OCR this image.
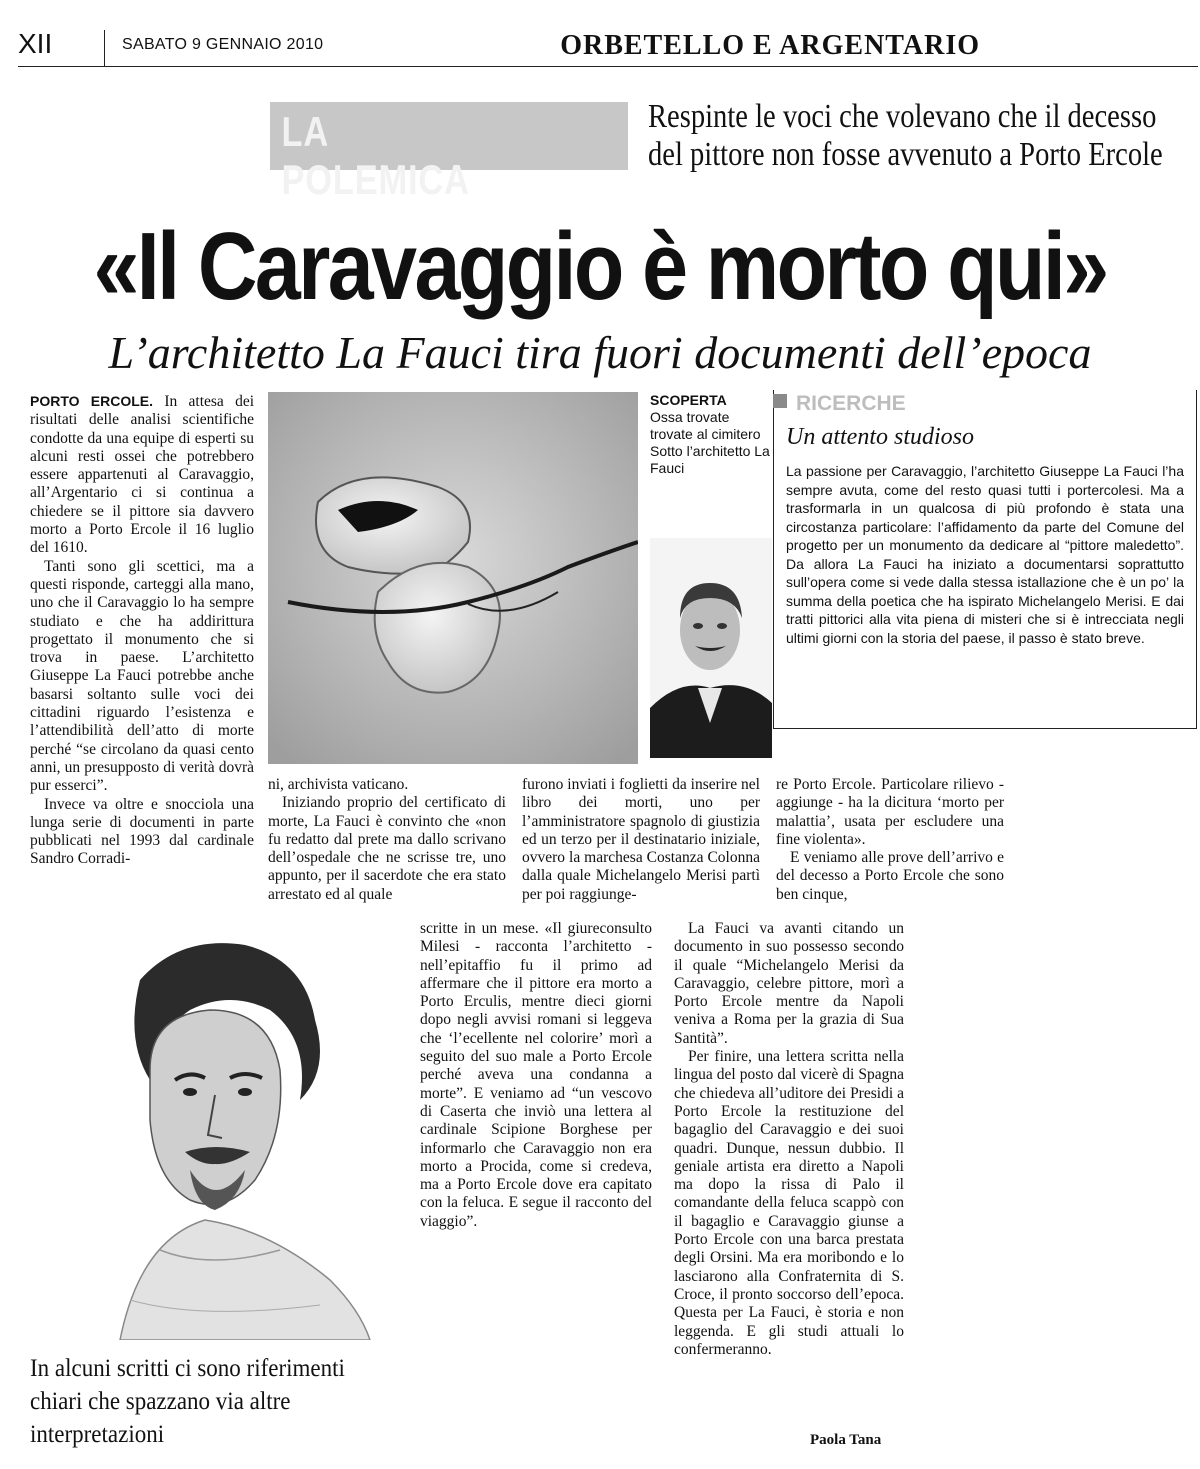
XII	SABATO 9 GENNAIO 2010	ORBETELLO E ARGENTARIO
LA POLEMICA
Respinte le voci che volevano che il decesso del pittore non fosse avvenuto a Porto Ercole
«Il Caravaggio è morto qui»
L’architetto La Fauci tira fuori documenti dell’epoca

PORTO ERCOLE. In attesa dei risultati delle analisi scientifiche condotte da una equipe di esperti su alcuni resti ossei che potrebbero essere appartenuti al Caravaggio, all’Argentario ci si continua a chiedere se il pittore sia davvero morto a Porto Ercole il 16 luglio del 1610.

Tanti sono gli scettici, ma a questi risponde, carteggi alla mano, uno che il Caravaggio lo ha sempre studiato e che ha addirittura progettato il monumento che si trova in paese. L’architetto Giuseppe La Fauci potrebbe anche basarsi soltanto sulle voci dei cittadini riguardo l’esistenza e l’attendibilità dell’atto di morte perché “se circolano da quasi cento anni, un presupposto di verità dovrà pur esserci”.

Invece va oltre e snocciola una lunga serie di documenti in parte pubblicati nel 1993 dal cardinale Sandro Corradi-

SCOPERTA
Ossa trovate trovate al cimitero
Sotto l’architetto La Fauci
RICERCHE
Un attento studioso
La passione per Caravaggio, l’architetto Giuseppe La Fauci l’ha sempre avuta, come del resto quasi tutti i portercolesi. Ma a trasformarla in un qualcosa di più profondo è stata una circostanza particolare: l’affidamento da parte del Comune del progetto per un monumento da dedicare al “pittore maledetto”. Da allora La Fauci ha iniziato a documentarsi soprattutto sull’opera come si vede dalla stessa istallazione che è un po’ la summa della poetica che ha ispirato Michelangelo Merisi. E dai tratti pittorici alla vita piena di misteri che si è intrecciata negli ultimi giorni con la storia del paese, il passo è stato breve.

ni, archivista vaticano.

Iniziando proprio del certificato di morte, La Fauci è convinto che «non fu redatto dal prete ma dallo scrivano dell’ospedale che ne scrisse tre, uno appunto, per il sacerdote che era stato arrestato ed al quale

furono inviati i foglietti da inserire nel libro dei morti, uno per l’amministratore spagnolo di giustizia ed un terzo per il destinatario iniziale, ovvero la marchesa Costanza Colonna dalla quale Michelangelo Merisi partì per poi raggiunge-

re Porto Ercole. Particolare rilievo - aggiunge - ha la dicitura ‘morto per malattia’, usata per escludere una fine violenta».

E veniamo alle prove dell’arrivo e del decesso a Porto Ercole che sono ben cinque,

In alcuni scritti ci sono riferimenti chiari che spazzano via altre interpretazioni

scritte in un mese. «Il giureconsulto Milesi - racconta l’architetto - nell’epitaffio fu il primo ad affermare che il pittore era morto a Porto Erculis, mentre dieci giorni dopo negli avvisi romani si leggeva che ‘l’ecellente nel colorire’ morì a seguito del suo male a Porto Ercole perché aveva una condanna a morte”. E veniamo ad “un vescovo di Caserta che inviò una lettera al cardinale Scipione Borghese per informarlo che Caravaggio non era morto a Procida, come si credeva, ma a Porto Ercole dove era capitato con la feluca. E segue il racconto del viaggio”.

La Fauci va avanti citando un documento in suo possesso secondo il quale “Michelangelo Merisi da Caravaggio, celebre pittore, morì a Porto Ercole mentre da Napoli veniva a Roma per la grazia di Sua Santità”.

Per finire, una lettera scritta nella lingua del posto dal vicerè di Spagna che chiedeva all’uditore dei Presidi a Porto Ercole la restituzione del bagaglio del Caravaggio e dei suoi quadri. Dunque, nessun dubbio. Il geniale artista era diretto a Napoli ma dopo la rissa di Palo il comandante della feluca scappò con il bagaglio e Caravaggio giunse a Porto Ercole con una barca prestata degli Orsini. Ma era moribondo e lo lasciarono alla Confraternita di S. Croce, il pronto soccorso dell’epoca. Questa per La Fauci, è storia e non leggenda. E gli studi attuali lo confermeranno.

Paola Tana
